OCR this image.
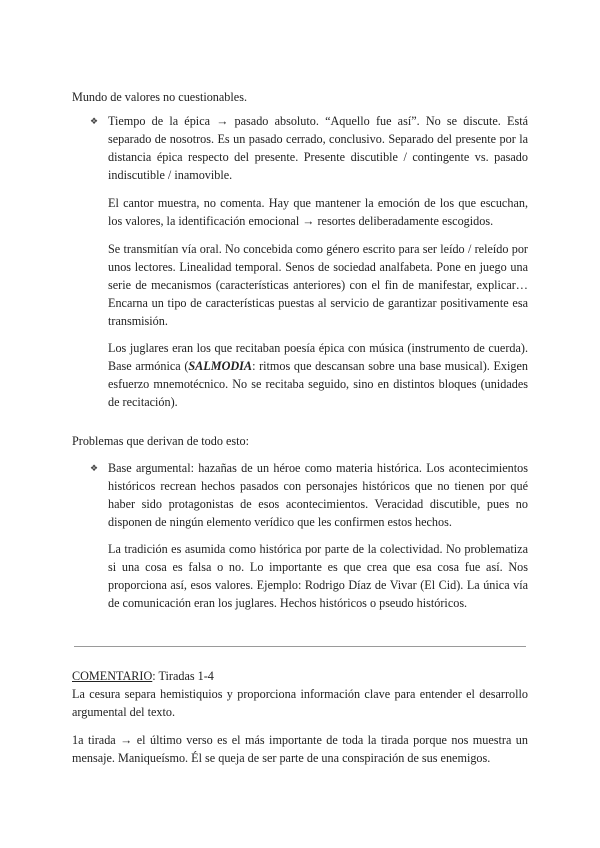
Mundo de valores no cuestionables.

❖ Tiempo de la épica → pasado absoluto. “Aquello fue así”. No se discute. Está separado de nosotros. Es un pasado cerrado, conclusivo. Separado del presente por la distancia épica respecto del presente. Presente discutible / contingente vs. pasado indiscutible / inamovible.

El cantor muestra, no comenta. Hay que mantener la emoción de los que escuchan, los valores, la identificación emocional → resortes deliberadamente escogidos.

Se transmitían vía oral. No concebida como género escrito para ser leído / releído por unos lectores. Linealidad temporal. Senos de sociedad analfabeta. Pone en juego una serie de mecanismos (características anteriores) con el fin de manifestar, explicar… Encarna un tipo de características puestas al servicio de garantizar positivamente esa transmisión.

Los juglares eran los que recitaban poesía épica con música (instrumento de cuerda). Base armónica (SALMODIA: ritmos que descansan sobre una base musical). Exigen esfuerzo mnemotécnico. No se recitaba seguido, sino en distintos bloques (unidades de recitación).

Problemas que derivan de todo esto:

❖ Base argumental: hazañas de un héroe como materia histórica. Los acontecimientos históricos recrean hechos pasados con personajes históricos que no tienen por qué haber sido protagonistas de esos acontecimientos. Veracidad discutible, pues no disponen de ningún elemento verídico que les confirmen estos hechos.

La tradición es asumida como histórica por parte de la colectividad. No problematiza si una cosa es falsa o no. Lo importante es que crea que esa cosa fue así. Nos proporciona así, esos valores. Ejemplo: Rodrigo Díaz de Vivar (El Cid). La única vía de comunicación eran los juglares. Hechos históricos o pseudo históricos.

COMENTARIO: Tiradas 1-4

La cesura separa hemistiquios y proporciona información clave para entender el desarrollo argumental del texto.

1a tirada → el último verso es el más importante de toda la tirada porque nos muestra un mensaje. Maniqueísmo. Él se queja de ser parte de una conspiración de sus enemigos.
